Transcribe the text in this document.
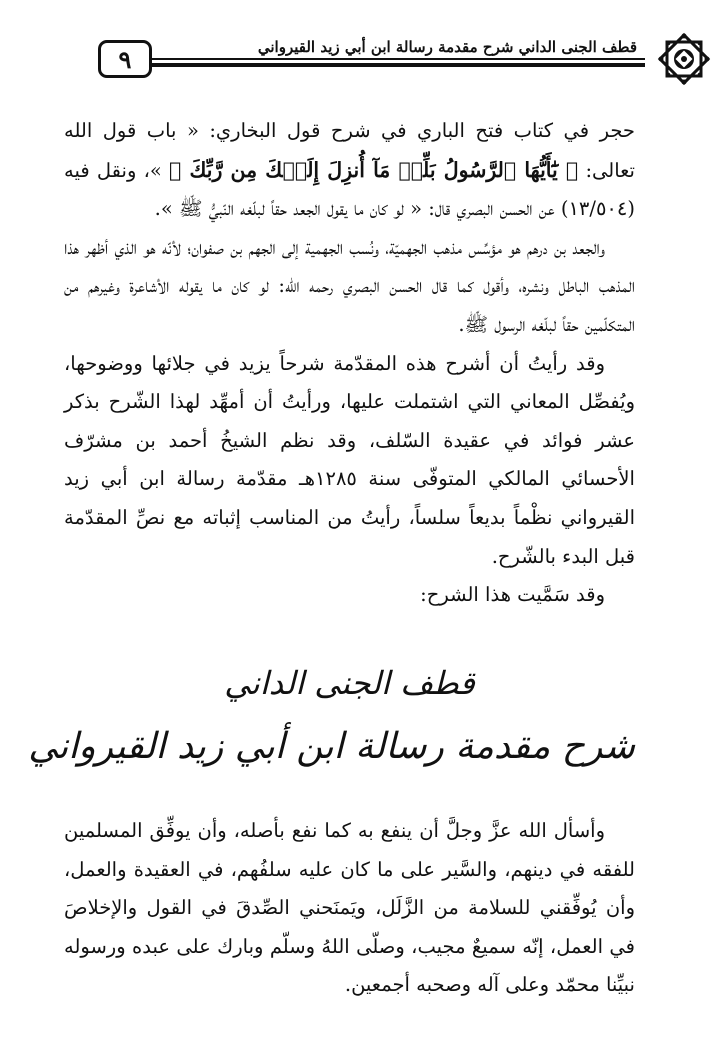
٩	قطف الجنى الداني شرح مقدمة رسالة ابن أبي زيد القيرواني

حجر في كتاب فتح الباري في شرح قول البخاري: « باب قول الله تعالى: ﴿ يَٰٓأَيُّهَا ٱلرَّسُولُ بَلِّغۡ مَآ أُنزِلَ إِلَيۡكَ مِن رَّبِّكَ ﴾ »، ونقل فيه (١٣/٥٠٤) عن الحسن البصري قال: « لو كان ما يقول الجعد حقاً لبلّغه النّبيُّ ﷺ ».

والجعد بن درهم هو مؤسِّس مذهب الجهميّة، ونُسب الجهمية إلى الجهم بن صفوان؛ لأنّه هو الذي أظهر هذا المذهب الباطل ونشره، وأقول كما قال الحسن البصري رحمه الله: لو كان ما يقوله الأشاعرة وغيرهم من المتكلّمين حقاً لبلّغه الرسول ﷺ.

وقد رأيتُ أن أشرح هذه المقدّمة شرحاً يزيد في جلائها ووضوحها، ويُفصِّل المعاني التي اشتملت عليها، ورأيتُ أن أمهِّد لهذا الشّرح بذكر عشر فوائد في عقيدة السّلف، وقد نظم الشيخُ أحمد بن مشرّف الأحسائي المالكي المتوفّى سنة ١٢٨٥هـ مقدّمة رسالة ابن أبي زيد القيرواني نظْماً بديعاً سلساً، رأيتُ من المناسب إثباته مع نصِّ المقدّمة قبل البدء بالشّرح.

وقد سَمَّيت هذا الشرح:

قطف الجنى الداني
شرح مقدمة رسالة ابن أبي زيد القيرواني

وأسأل الله عزَّ وجلَّ أن ينفع به كما نفع بأصله، وأن يوفِّق المسلمين للفقه في دينهم، والسَّير على ما كان عليه سلفُهم، في العقيدة والعمل، وأن يُوفِّقني للسلامة من الزَّلَل، ويَمنَحني الصِّدقَ في القول والإخلاصَ في العمل، إنّه سميعٌ مجيب، وصلّى اللهُ وسلّم وبارك على عبده ورسوله نبيِّنا محمّد وعلى آله وصحبه أجمعين.
